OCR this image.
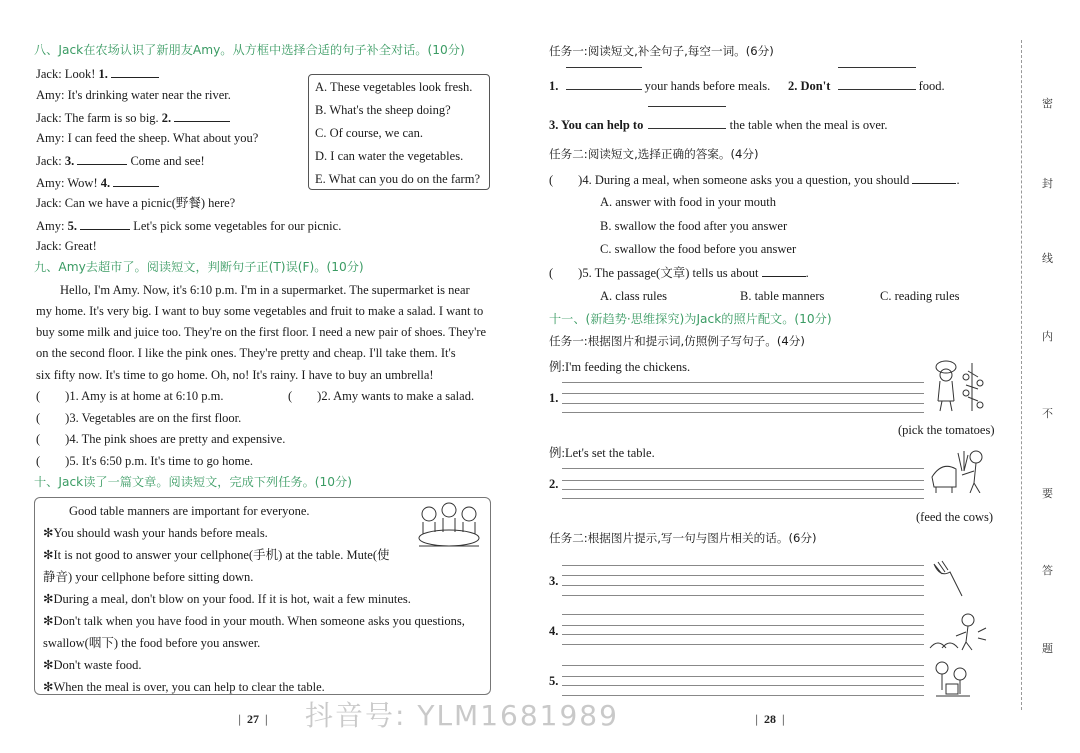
八、Jack在农场认识了新朋友Amy。从方框中选择合适的句子补全对话。(10分)
Jack: Look! 1.
Amy: It's drinking water near the river.
Jack: The farm is so big. 2.
Amy: I can feed the sheep. What about you?
Jack: 3.	Come and see!
Amy: Wow! 4.
Jack: Can we have a picnic(野餐) here?
Amy: 5.	Let's pick some vegetables for our picnic.
Jack: Great!
A. These vegetables look fresh.
B. What's the sheep doing?
C. Of course, we can.
D. I can water the vegetables.
E. What can you do on the farm?
九、Amy去超市了。阅读短文，判断句子正(T)误(F)。(10分)
Hello, I'm Amy. Now, it's 6:10 p.m. I'm in a supermarket. The supermarket is near
my home. It's very big. I want to buy some vegetables and fruit to make a salad. I want to
buy some milk and juice too. They're on the first floor. I need a new pair of shoes. They're
on the second floor. I like the pink ones. They're pretty and cheap. I'll take them. It's
six fifty now. It's time to go home. Oh, no! It's rainy. I have to buy an umbrella!
(　　)1. Amy is at home at 6:10 p.m.	(　　)2. Amy wants to make a salad.
(　　)3. Vegetables are on the first floor.
(　　)4. The pink shoes are pretty and expensive.
(　　)5. It's 6:50 p.m. It's time to go home.
十、Jack读了一篇文章。阅读短文，完成下列任务。(10分)
Good table manners are important for everyone.
✻You should wash your hands before meals.
✻It is not good to answer your cellphone(手机) at the table. Mute(使
静音) your cellphone before sitting down.
✻During a meal, don't blow on your food. If it is hot, wait a few minutes.
✻Don't talk when you have food in your mouth. When someone asks you questions,
swallow(咽下) the food before you answer.
✻Don't waste food.
✻When the meal is over, you can help to clear the table.
❘ 27 ❘
任务一:阅读短文,补全句子,每空一词。(6分)
1.	your hands before meals. 2. Don't	food.
3. You can help to	the table when the meal is over.
任务二:阅读短文,选择正确的答案。(4分)
(　　)4. During a meal, when someone asks you a question, you should	.
A. answer with food in your mouth
B. swallow the food after you answer
C. swallow the food before you answer
(　　)5. The passage(文章) tells us about	.
A. class rules	B. table manners	C. reading rules
十一、(新趋势·思维探究)为Jack的照片配文。(10分)
任务一:根据图片和提示词,仿照例子写句子。(4分)
例:I'm feeding the chickens.
1.
(pick the tomatoes)
例:Let's set the table.
2.
(feed the cows)
任务二:根据图片提示,写一句与图片相关的话。(6分)
3.
4.
5.
❘ 28 ❘
密
封
线
内
不
要
答
题
抖音号: YLM1681989
